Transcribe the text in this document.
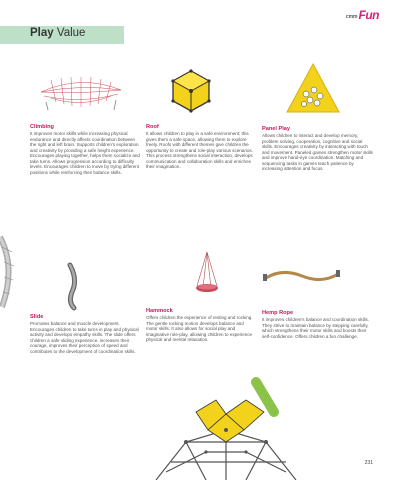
cmm Fun
Play Value
Climbing

It improves motor skills while increasing physical endurance and directly affects coordination between the right and left brain. Supports children's exploration and creativity by providing a safe height experience. Encourages playing together, helps them socialize and take turns. Allows progression according to difficulty levels. Encourages children to move by trying different positions while reinforcing their balance skills.

Roof

It allows children to play in a safe environment; this gives them a safe space, allowing them to explore freely. Roofs with different themes give children the opportunity to create and role-play various scenarios. This process strengthens social interaction, develops communication and collaboration skills and enriches their imagination.

Panel Play

Allows children to interact and develop memory, problem solving, cooperation, cognitive and social skills. Encourages creativity by interacting with touch and movement. Paneled games strengthen motor skills and improve hand-eye coordination. Matching and sequencing tasks in games teach patience by increasing attention and focus.

Slide

Promotes balance and muscle development. Encourages children to take turns in play and physical activity and develops empathy skills. The slide offers children a safe sliding experience, increases their courage, improves their perception of speed and contributes to the development of coordination skills.

Hammock

Offers children the experience of resting and rocking. The gentle rocking motion develops balance and motor skills. It also allows for social play and imaginative role-play, allowing children to experience physical and mental relaxation.

Hemp Rope

It improves children's balance and coordination skills. They strive to maintain balance by stepping carefully, which strengthens their motor skills and boosts their self-confidence. Offers children a fun challenge.

231
